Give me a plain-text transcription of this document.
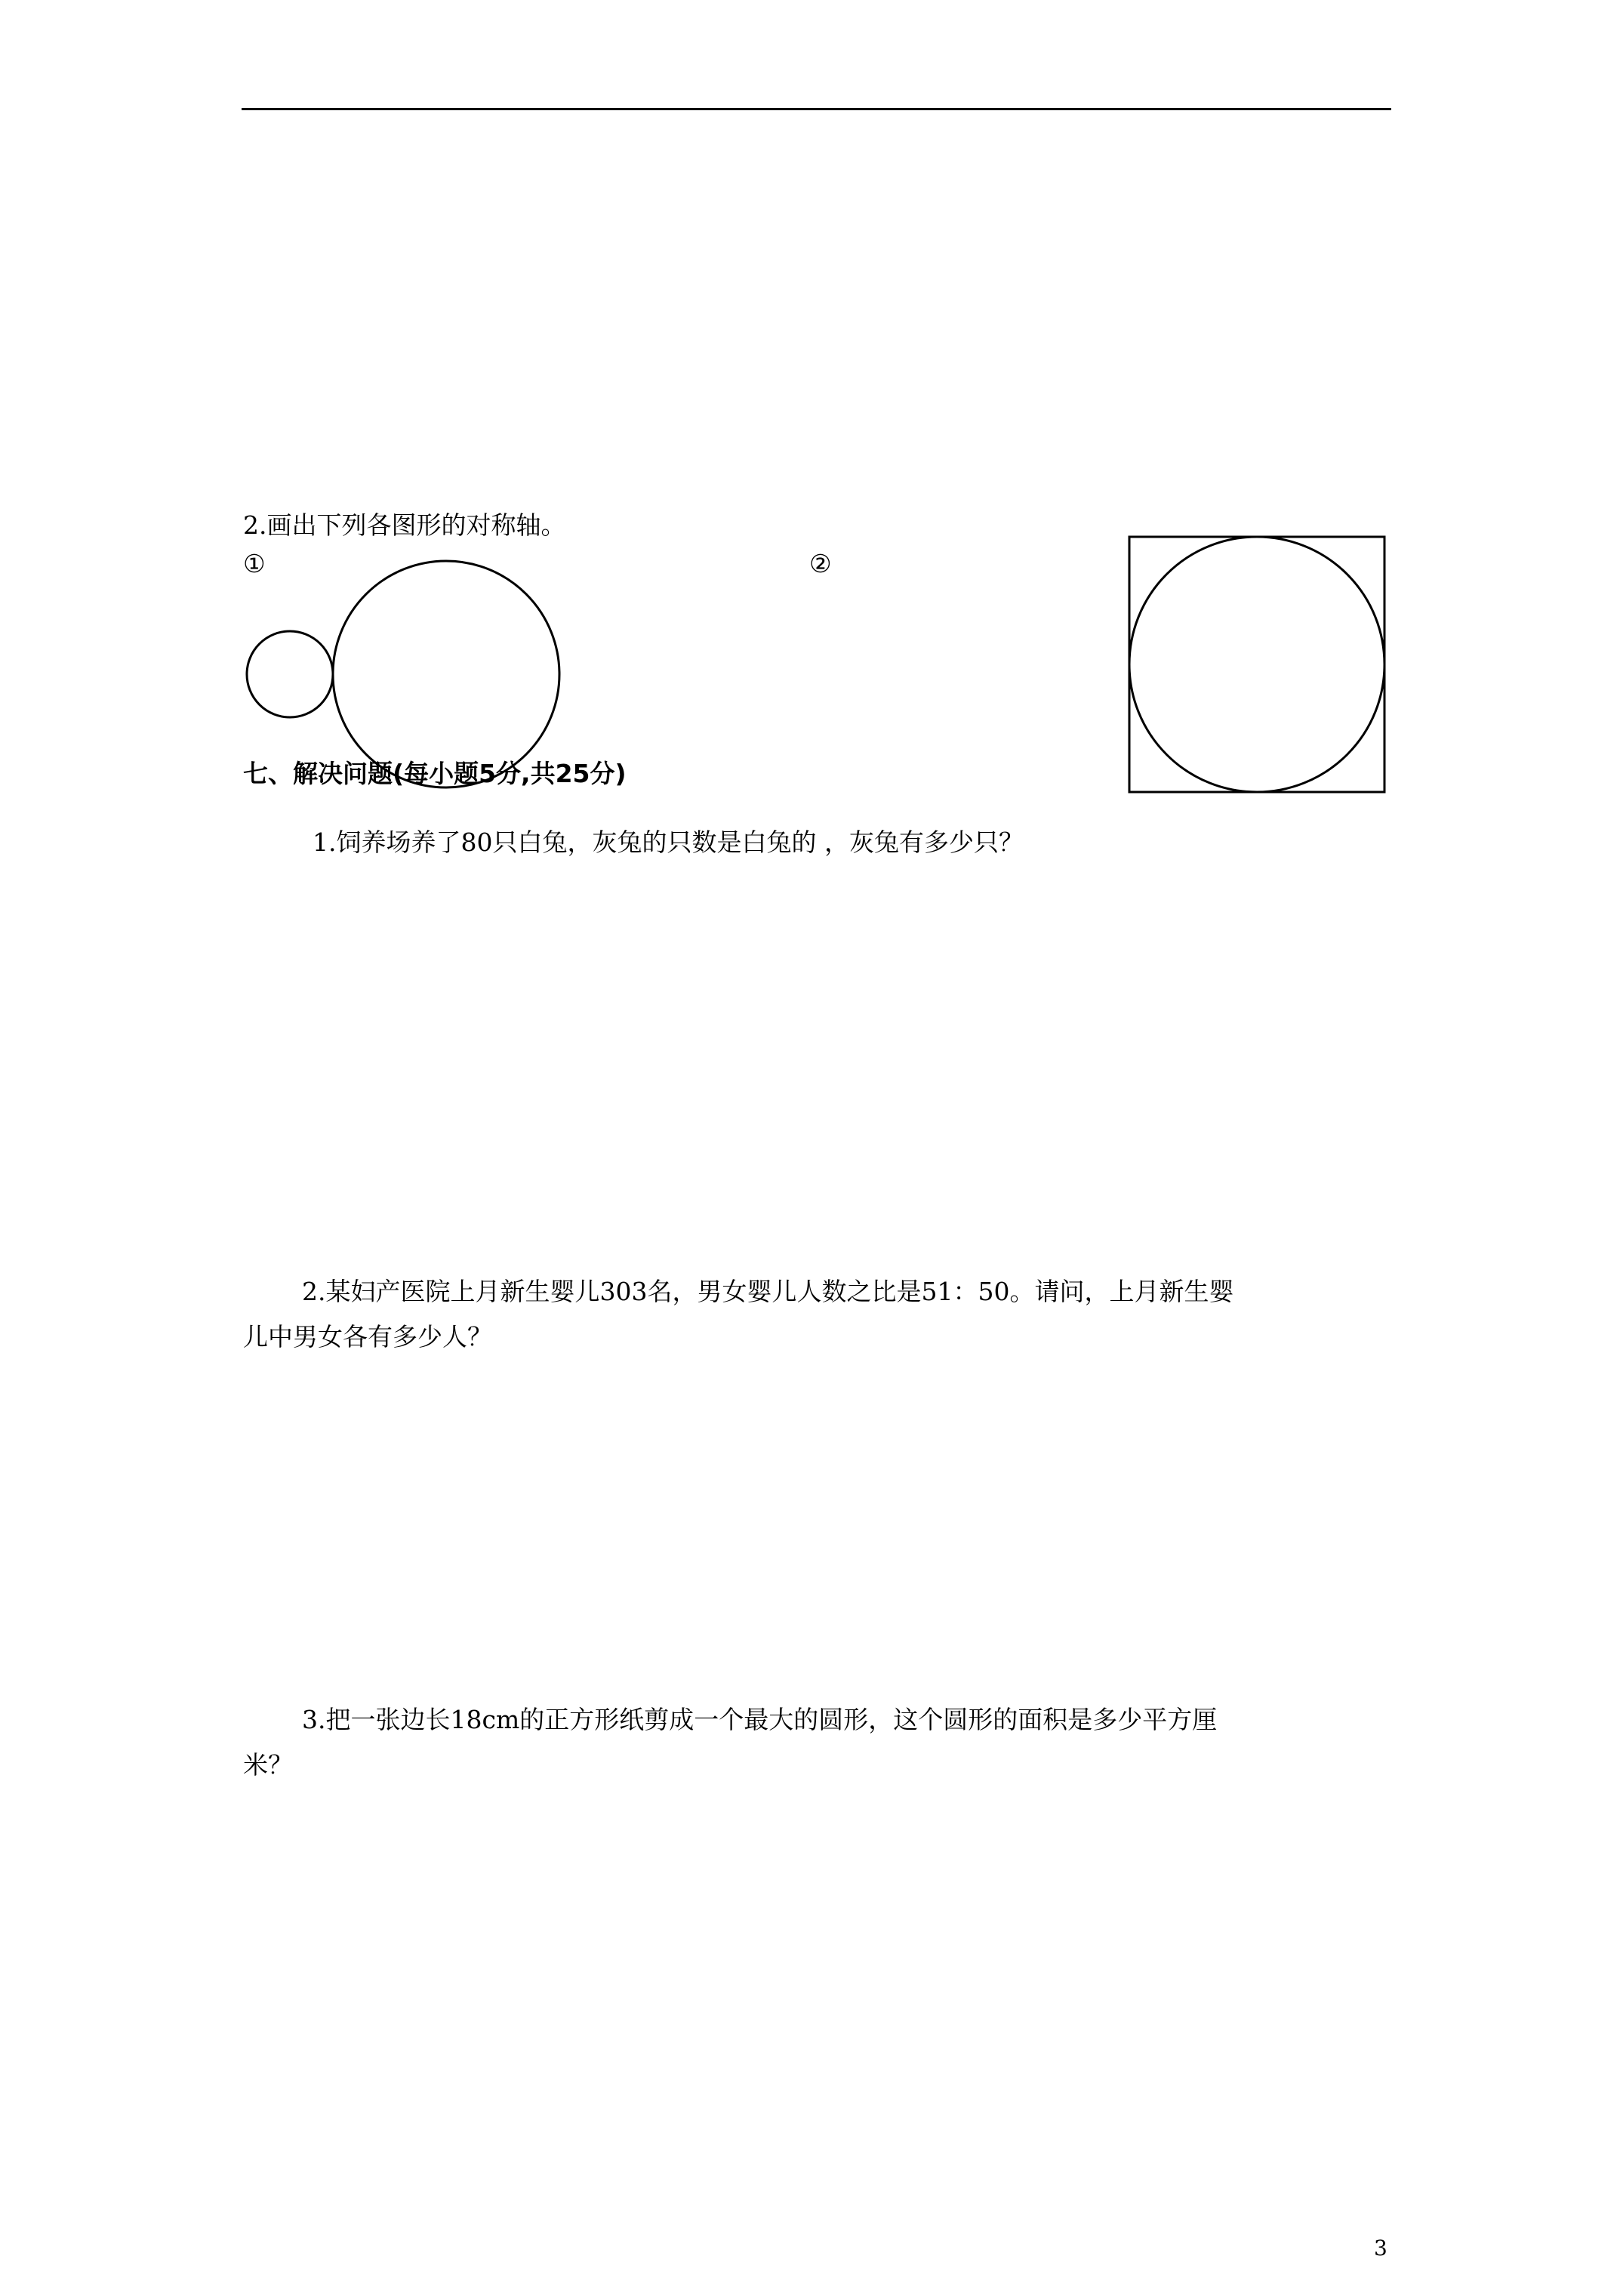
2.画出下列各图形的对称轴。
①	②
七、解决问题(每小题5分,共25分)
1.饲养场养了80只白兔，灰兔的只数是白兔的 ，灰兔有多少只？
2.某妇产医院上月新生婴儿303名，男女婴儿人数之比是51：50。请问，上月新生婴
儿中男女各有多少人？
3.把一张边长18cm的正方形纸剪成一个最大的圆形，这个圆形的面积是多少平方厘
米？
3
